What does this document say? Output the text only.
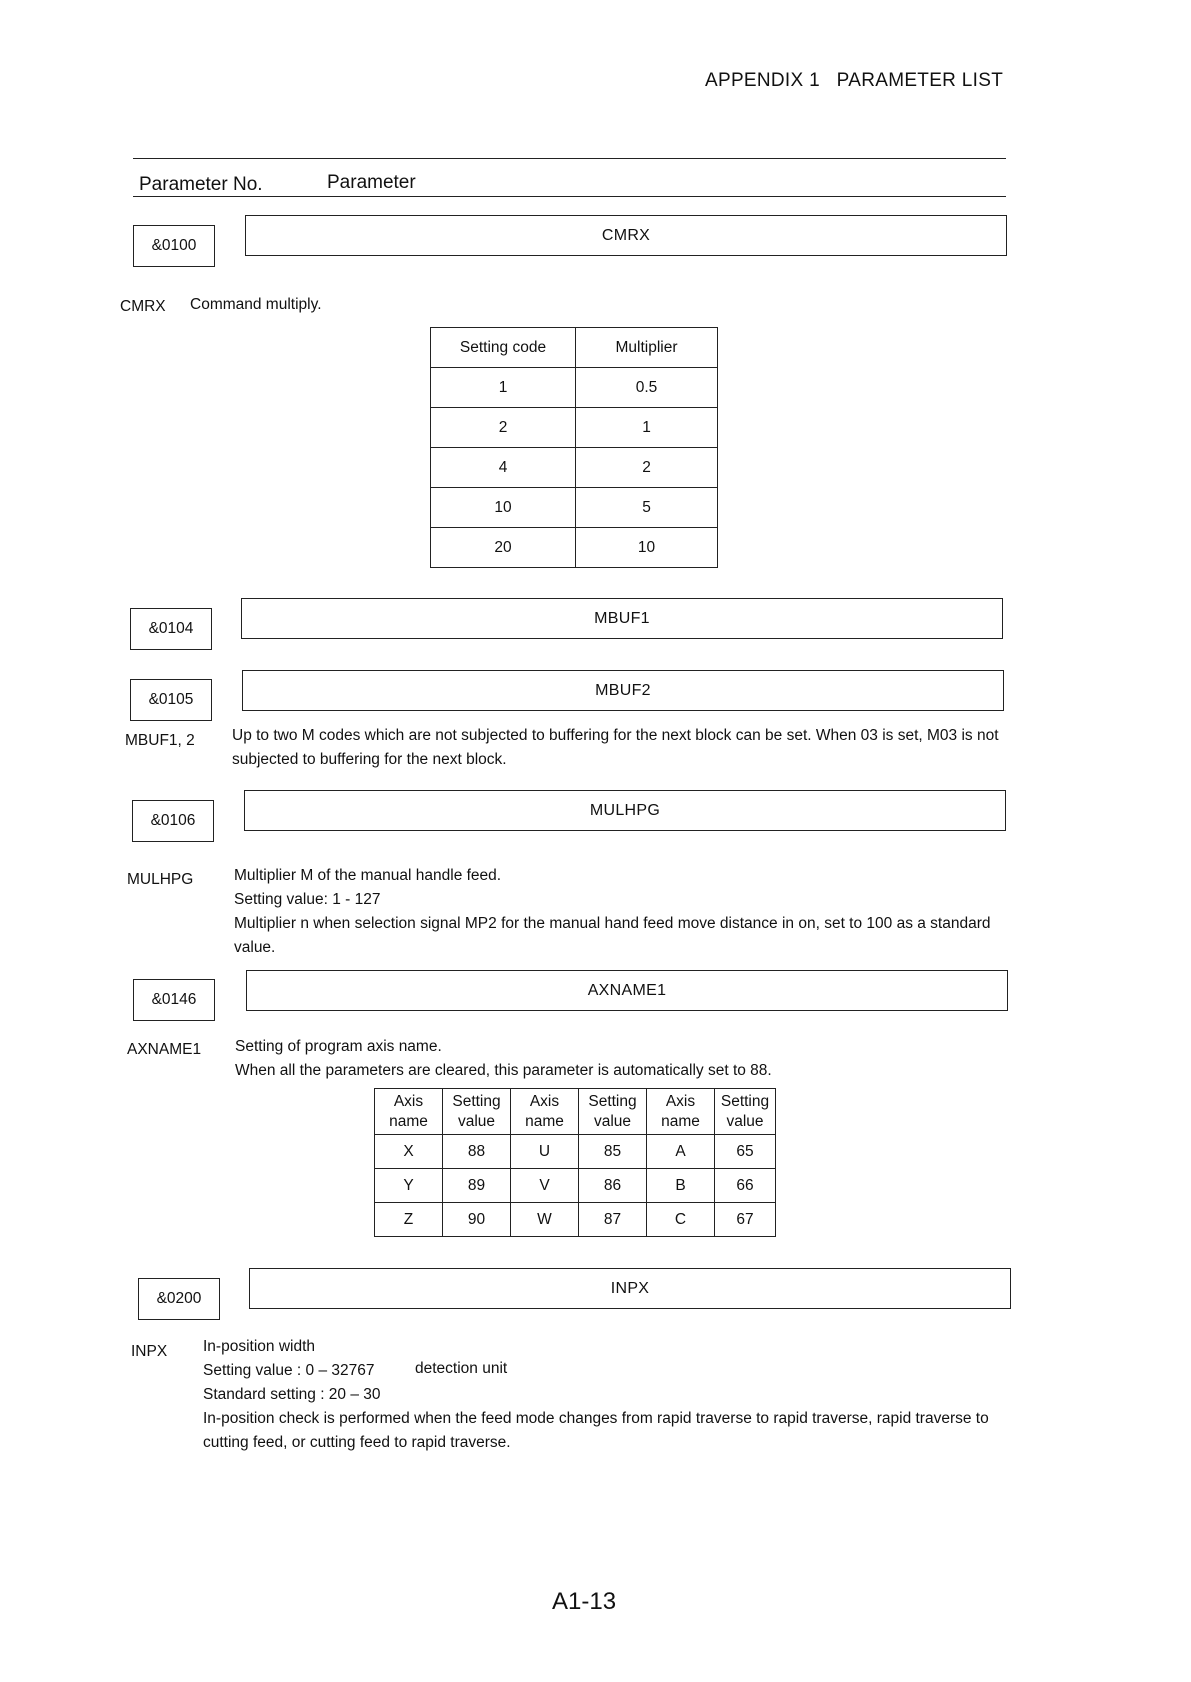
APPENDIX 1   PARAMETER LIST
Parameter No.	Parameter
&0100
CMRX
CMRX Command multiply.
Setting code	Multiplier
1	0.5
2	1
4	2
10	5
20	10
&0104
MBUF1
&0105
MBUF2
MBUF1, 2 Up to two M codes which are not subjected to buffering for the next block can be set. When 03 is set, M03 is not subjected to buffering for the next block.
&0106
MULHPG
MULHPG	Multiplier M of the manual handle feed.
Setting value: 1 - 127
Multiplier n when selection signal MP2 for the manual hand feed move distance in on, set to 100 as a standard value.
&0146
AXNAME1
AXNAME1 Setting of program axis name.
When all the parameters are cleared, this parameter is automatically set to 88.
Axis name	Setting value	Axis name	Setting value	Axis name	Setting value
X	88	U	85	A	65
Y	89	V	86	B	66
Z	90	W	87	C	67
&0200
INPX
INPX In-position width
Setting value : 0 – 32767	detection unit
Standard setting : 20 – 30
In-position check is performed when the feed mode changes from rapid traverse to rapid traverse, rapid traverse to cutting feed, or cutting feed to rapid traverse.
A1-13
